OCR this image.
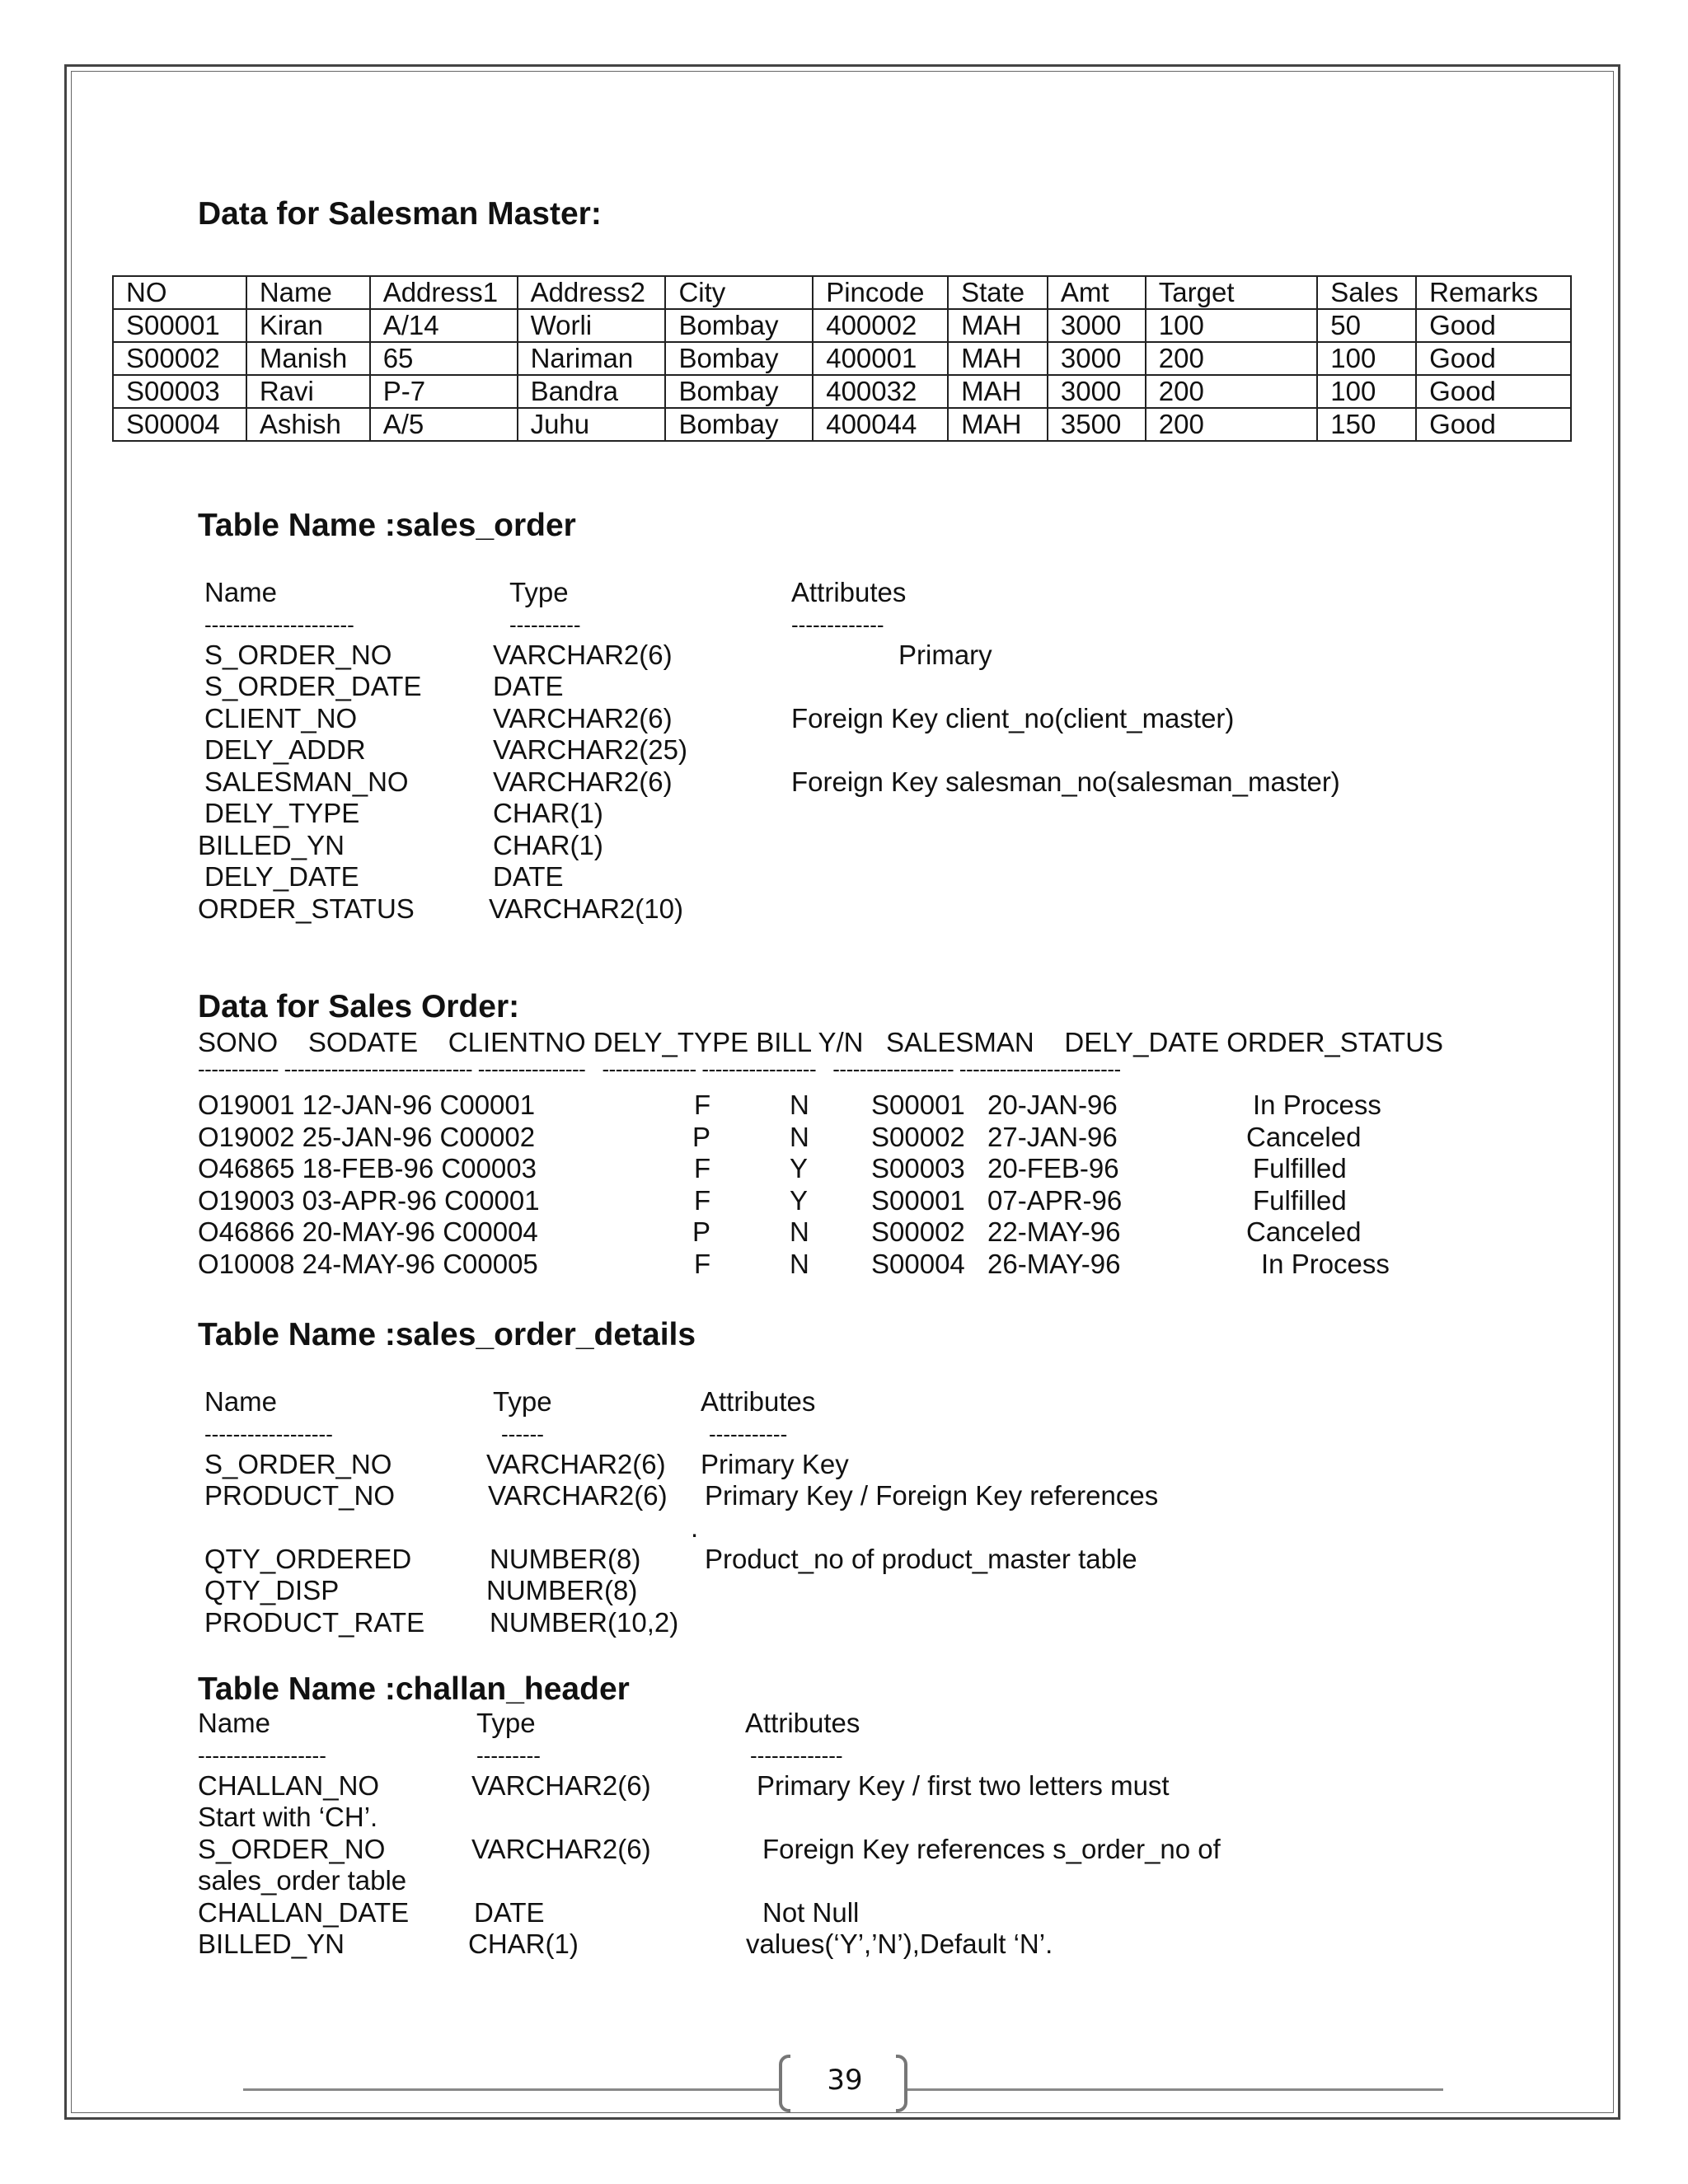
Data for Salesman Master:
NO	Name	Address1	Address2	City	Pincode	State	Amt	Target	Sales	Remarks
S00001	Kiran	A/14	Worli	Bombay	400002	MAH	3000	100	50	Good
S00002	Manish	65	Nariman	Bombay	400001	MAH	3000	200	100	Good
S00003	Ravi	P-7	Bandra	Bombay	400032	MAH	3000	200	100	Good
S00004	Ashish	A/5	Juhu	Bombay	400044	MAH	3500	200	150	Good
Table Name :sales_order
Name	Type	Attributes
---------------------	----------	-------------
S_ORDER_NO	VARCHAR2(6)	Primary
S_ORDER_DATE	DATE
CLIENT_NO	VARCHAR2(6)	Foreign Key client_no(client_master)
DELY_ADDR	VARCHAR2(25)
SALESMAN_NO	VARCHAR2(6)	Foreign Key salesman_no(salesman_master)
DELY_TYPE	CHAR(1)
BILLED_YN	CHAR(1)
DELY_DATE	DATE
ORDER_STATUS	VARCHAR2(10)
Data for Sales Order:
SONO    SODATE    CLIENTNO DELY_TYPE BILL Y/N   SALESMAN    DELY_DATE ORDER_STATUS
------------ ---------------------------- ----------------   -------------- -----------------   ------------------ ------------------------
O19001 12-JAN-96 C00001	F	N S00001 20-JAN-96	In Process
O19002 25-JAN-96 C00002	P	N S00002 27-JAN-96	Canceled
O46865 18-FEB-96 C00003	F	Y S00003 20-FEB-96	Fulfilled
O19003 03-APR-96 C00001	F	Y S00001 07-APR-96	Fulfilled
O46866 20-MAY-96 C00004	P	N S00002 22-MAY-96	Canceled
O10008 24-MAY-96 C00005	F	N S00004 26-MAY-96	In Process
Table Name :sales_order_details
Name	Type	Attributes
------------------	------	-----------
S_ORDER_NO	VARCHAR2(6) Primary Key
PRODUCT_NO	VARCHAR2(6) Primary Key / Foreign Key references
.
QTY_ORDERED	NUMBER(8) Product_no of product_master table
QTY_DISP	NUMBER(8)
PRODUCT_RATE NUMBER(10,2)
Table Name :challan_header
Name	Type	Attributes
------------------	---------	-------------
CHALLAN_NO	VARCHAR2(6)	Primary Key / first two letters must
Start with ‘CH’.
S_ORDER_NO	VARCHAR2(6)	Foreign Key references s_order_no of
sales_order table
CHALLAN_DATE DATE	Not Null
BILLED_YN	CHAR(1)	values(‘Y’,’N’),Default ‘N’.
39
